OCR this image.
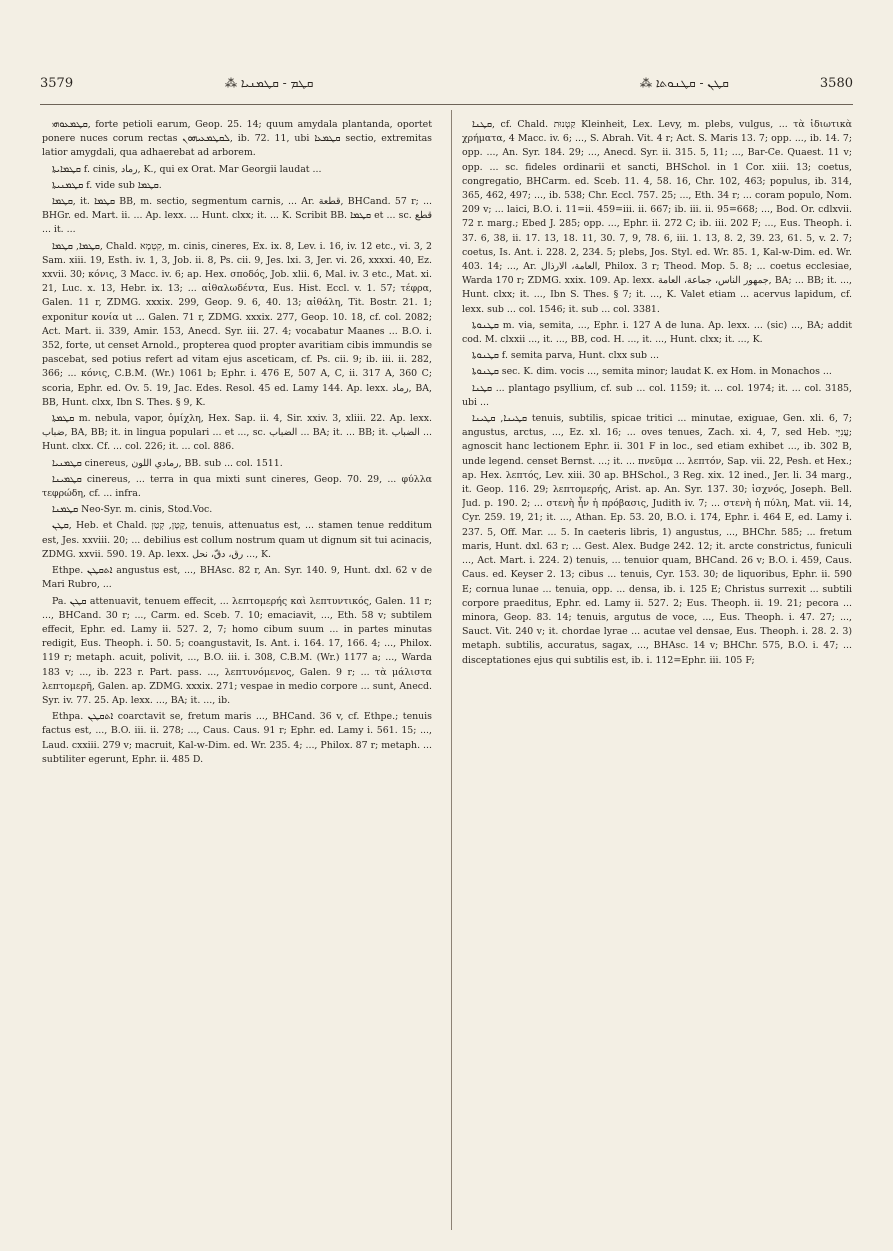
3579	⁂ ܩܛܡ - ܩܛܡܢܝܐ	⁂ ܩܛܢ - ܩܛܢܘܬܐ	3580

ܩܛܡܥܘܗܝ, forte petioli earum, Geop. 25. 14; quum amydala plantanda, oportet ponere nuces corum rectas ܠܩܛܡܥܝܗܘܢ, ib. 72. 11, ubi ܩܛܡܥܐ sectio, extremitas latior amygdali, qua adhaerebat ad arborem.

ܩܛܡܐܝܬܐ f. cinis, رماد, K., qui ex Orat. Mar Georgii laudat ...

ܩܛܡܢܝܬܐ f. vide sub ܩܛܡܐ.

ܩܛܡܐ, it. ܩܛܡܐ BB, m. sectio, segmentum carnis, ... Ar. قطعة, BHCand. 57 r; ... BHGr. ed. Mart. ii. ... Ap. lexx. ... Hunt. clxx; it. ... K. Scribit BB. ܩܛܡܐ et ... sc. قطع ... it. ...

ܩܛܡܐ, ܩܛܡܐ, Chald. קִטְמָא, m. cinis, cineres, Ex. ix. 8, Lev. i. 16, iv. 12 etc., vi. 3, 2 Sam. xiii. 19, Esth. iv. 1, 3, Job. ii. 8, Ps. cii. 9, Jes. lxi. 3, Jer. vi. 26, xxxxi. 40, Ez. xxvii. 30; κόνις, 3 Macc. iv. 6; ap. Hex. σποδός, Job. xlii. 6, Mal. iv. 3 etc., Mat. xi. 21, Luc. x. 13, Hebr. ix. 13; ... αἰθαλωδέντα, Eus. Hist. Eccl. v. 1. 57; τέφρα, Galen. 11 r, ZDMG. xxxix. 299, Geop. 9. 6, 40. 13; αἰθάλη, Tit. Bostr. 21. 1; exponitur κονία ut ... Galen. 71 r, ZDMG. xxxix. 277, Geop. 10. 18, cf. col. 2082; Act. Mart. ii. 339, Amir. 153, Anecd. Syr. iii. 27. 4; vocabatur Maanes ... B.O. i. 352, forte, ut censet Arnold., propterea quod propter avaritiam cibis immundis se pascebat, sed potius refert ad vitam ejus asceticam, cf. Ps. cii. 9; ib. iii. ii. 282, 366; ... κόνις, C.B.M. (Wr.) 1061 b; Ephr. i. 476 E, 507 A, C, ii. 317 A, 360 C; scoria, Ephr. ed. Ov. 5. 19, Jac. Edes. Resol. 45 ed. Lamy 144. Ap. lexx. رماد, BA, BB, Hunt. clxx, Ibn S. Thes. § 9, K.

ܩܛܡܬܐ m. nebula, vapor, ὁμίχλη, Hex. Sap. ii. 4, Sir. xxiv. 3, xliii. 22. Ap. lexx. ضباب, BA, BB; it. in lingua populari ... et ..., sc. الضباب ... BA; it. ... BB; it. الضباب ... Hunt. clxx. Cf. ... col. 226; it. ... col. 886.

ܩܛܡܢܝܐ cinereus, رمادي اللون, BB. sub ... col. 1511.

ܩܛܡܝܢܐ cinereus, ... terra in qua mixti sunt cineres, Geop. 70. 29, ... φύλλα τεφρώδη, cf. ... infra.

ܩܛܡܢܐ Neo-Syr. m. cinis, Stod.Voc.

ܩܛܢ, Heb. et Chald. קָטָן, קְטַן, tenuis, attenuatus est, ... stamen tenue redditum est, Jes. xxviii. 20; ... debilius est collum nostrum quam ut dignum sit tui acinacis, ZDMG. xxvii. 590. 19. Ap. lexx. رق، دقّ، نحل ..., K.

Ethpe. ܐܬܩܛܢ angustus est, ..., BHAsc. 82 r, An. Syr. 140. 9, Hunt. dxl. 62 v de Mari Rubro, ...

Pa. ܩܛܢ attenuavit, tenuem effecit, ... λεπτομερής καὶ λεπτυντικός, Galen. 11 r; ..., BHCand. 30 r; ..., Carm. ed. Sceb. 7. 10; emaciavit, ..., Eth. 58 v; subtilem effecit, Ephr. ed. Lamy ii. 527. 2, 7; homo cibum suum ... in partes minutas redigit, Eus. Theoph. i. 50. 5; coangustavit, Is. Ant. i. 164. 17, 166. 4; ..., Philox. 119 r; metaph. acuit, polivit, ..., B.O. iii. i. 308, C.B.M. (Wr.) 1177 a; ..., Warda 183 v; ..., ib. 223 r. Part. pass. ..., λεπτυνόμενος, Galen. 9 r; ... τὰ μάλιστα λεπτομερῆ, Galen. ap. ZDMG. xxxix. 271; vespae in medio corpore ... sunt, Anecd. Syr. iv. 77. 25. Ap. lexx. ..., BA; it. ..., ib.

Ethpa. ܐܬܩܛܢ coarctavit se, fretum maris ..., BHCand. 36 v, cf. Ethpe.; tenuis factus est, ..., B.O. iii. ii. 278; ..., Caus. Caus. 91 r; Ephr. ed. Lamy i. 561. 15; ..., Laud. cxxiii. 279 v; macruit, Kal-w-Dim. ed. Wr. 235. 4; ..., Philox. 87 r; metaph. ... subtiliter egerunt, Ephr. ii. 485 D.

ܩܛܢܐ, cf. Chald. קַטְנוּת Kleinheit, Lex. Levy, m. plebs, vulgus, ... τὰ ἰδιωτικὰ χρήματα, 4 Macc. iv. 6; ..., S. Abrah. Vit. 4 r; Act. S. Maris 13. 7; opp. ..., ib. 14. 7; opp. ..., An. Syr. 184. 29; ..., Anecd. Syr. ii. 315. 5, 11; ..., Bar-Ce. Quaest. 11 v; opp. ... sc. fideles ordinarii et sancti, BHSchol. in 1 Cor. xiii. 13; coetus, congregatio, BHCarm. ed. Sceb. 11. 4, 58. 16, Chr. 102, 463; populus, ib. 314, 365, 462, 497; ..., ib. 538; Chr. Eccl. 757. 25; ..., Eth. 34 r; ... coram populo, Nom. 209 v; ... laici, B.O. i. 11=ii. 459=iii. ii. 667; ib. iii. ii. 95=668; ..., Bod. Or. cdlxvii. 72 r. marg.; Ebed J. 285; opp. ..., Ephr. ii. 272 C; ib. iii. 202 F; ..., Eus. Theoph. i. 37. 6, 38, ii. 17. 13, 18. 11, 30. 7, 9, 78. 6, iii. 1. 13, 8. 2, 39. 23, 61. 5, v. 2. 7; coetus, Is. Ant. i. 228. 2, 234. 5; plebs, Jos. Styl. ed. Wr. 85. 1, Kal-w-Dim. ed. Wr. 403. 14; ..., Ar. العامة، الارذال, Philox. 3 r; Theod. Mop. 5. 8; ... coetus ecclesiae, Warda 170 r; ZDMG. xxix. 109. Ap. lexx. جمهور الناس، جماعة، العامة, BA; ... BB; it. ..., Hunt. clxx; it. ..., Ibn S. Thes. § 7; it. ..., K. Valet etiam ... acervus lapidum, cf. lexx. sub ... col. 1546; it. sub ... col. 3381.

ܩܛܢܘܬܐ m. via, semita, ..., Ephr. i. 127 A de luna. Ap. lexx. ... (sic) ..., BA; addit cod. M. clxxii ..., it. ..., BB, cod. H. ..., it. ..., Hunt. clxx; it. ..., K.

ܩܛܢܘܬܐ f. semita parva, Hunt. clxx sub ...

ܩܛܢܘܬܐ sec. K. dim. vocis ..., semita minor; laudat K. ex Hom. in Monachos ...

ܩܛܢܐ ... plantago psyllium, cf. sub ... col. 1159; it. ... col. 1974; it. ... col. 3185, ubi ...

ܩܛܝܢܐ, ܩܛܝܢܐ tenuis, subtilis, spicae tritici ... minutae, exiguae, Gen. xli. 6, 7; angustus, arctus, ..., Ez. xl. 16; ... oves tenues, Zach. xi. 4, 7, sed Heb. עֲנִיֵּי; agnoscit hanc lectionem Ephr. ii. 301 F in loc., sed etiam exhibet ..., ib. 302 B, unde legend. censet Bernst. ...; it. ... πνεῦμα ... λεπτόν, Sap. vii. 22, Pesh. et Hex.; ap. Hex. λεπτός, Lev. xiii. 30 ap. BHSchol., 3 Reg. xix. 12 ined., Jer. li. 34 marg., it. Geop. 116. 29; λεπτομερής, Arist. ap. An. Syr. 137. 30; ἰσχνός, Joseph. Bell. Jud. p. 190. 2; ... στενὴ ἦν ἡ πρόβασις, Judith iv. 7; ... στενὴ ἡ πύλη, Mat. vii. 14, Cyr. 259. 19, 21; it. ..., Athan. Ep. 53. 20, B.O. i. 174, Ephr. i. 464 E, ed. Lamy i. 237. 5, Off. Mar. ... 5. In caeteris libris, 1) angustus, ..., BHChr. 585; ... fretum maris, Hunt. dxl. 63 r; ... Gest. Alex. Budge 242. 12; it. arcte constrictus, funiculi ..., Act. Mart. i. 224. 2) tenuis, ... tenuior quam, BHCand. 26 v; B.O. i. 459, Caus. Caus. ed. Keyser 2. 13; cibus ... tenuis, Cyr. 153. 30; de liquoribus, Ephr. ii. 590 E; cornua lunae ... tenuia, opp. ... densa, ib. i. 125 E; Christus surrexit ... subtili corpore praeditus, Ephr. ed. Lamy ii. 527. 2; Eus. Theoph. ii. 19. 21; pecora ... minora, Geop. 83. 14; tenuis, argutus de voce, ..., Eus. Theoph. i. 47. 27; ..., Sauct. Vit. 240 v; it. chordae lyrae ... acutae vel densae, Eus. Theoph. i. 28. 2. 3) metaph. subtilis, accuratus, sagax, ..., BHAsc. 14 v; BHChr. 575, B.O. i. 47; ... disceptationes ejus qui subtilis est, ib. i. 112=Ephr. iii. 105 F;
